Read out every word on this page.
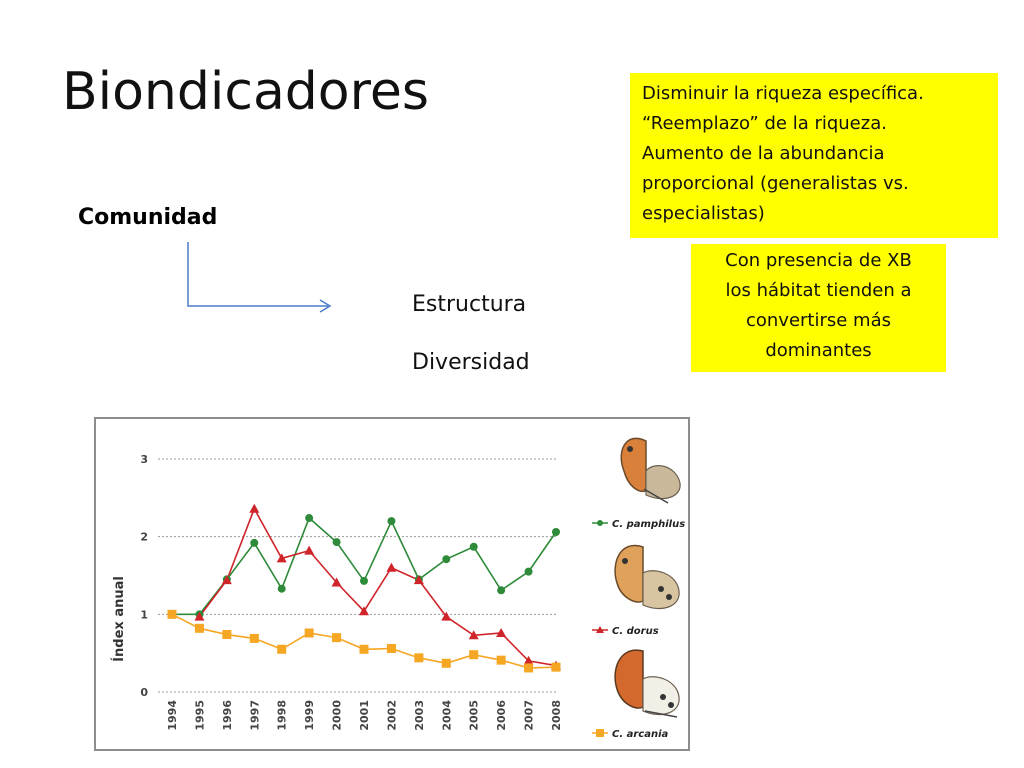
Biondicadores	Disminuir la riqueza específica.
“Reemplazo” de la riqueza.
Aumento de la abundancia
proporcional (generalistas vs.
especialistas)
Con presencia de XB
los hábitat tienden a
convertirse más
dominantes
Comunidad
Estructura
Diversidad
0
1
2
3
1994 1995 1996 1997 1998 1999 2000 2001 2002 2003 2004 2005 2006 2007 2008
Índex anual
C. pamphilus
C. dorus
C. arcania
